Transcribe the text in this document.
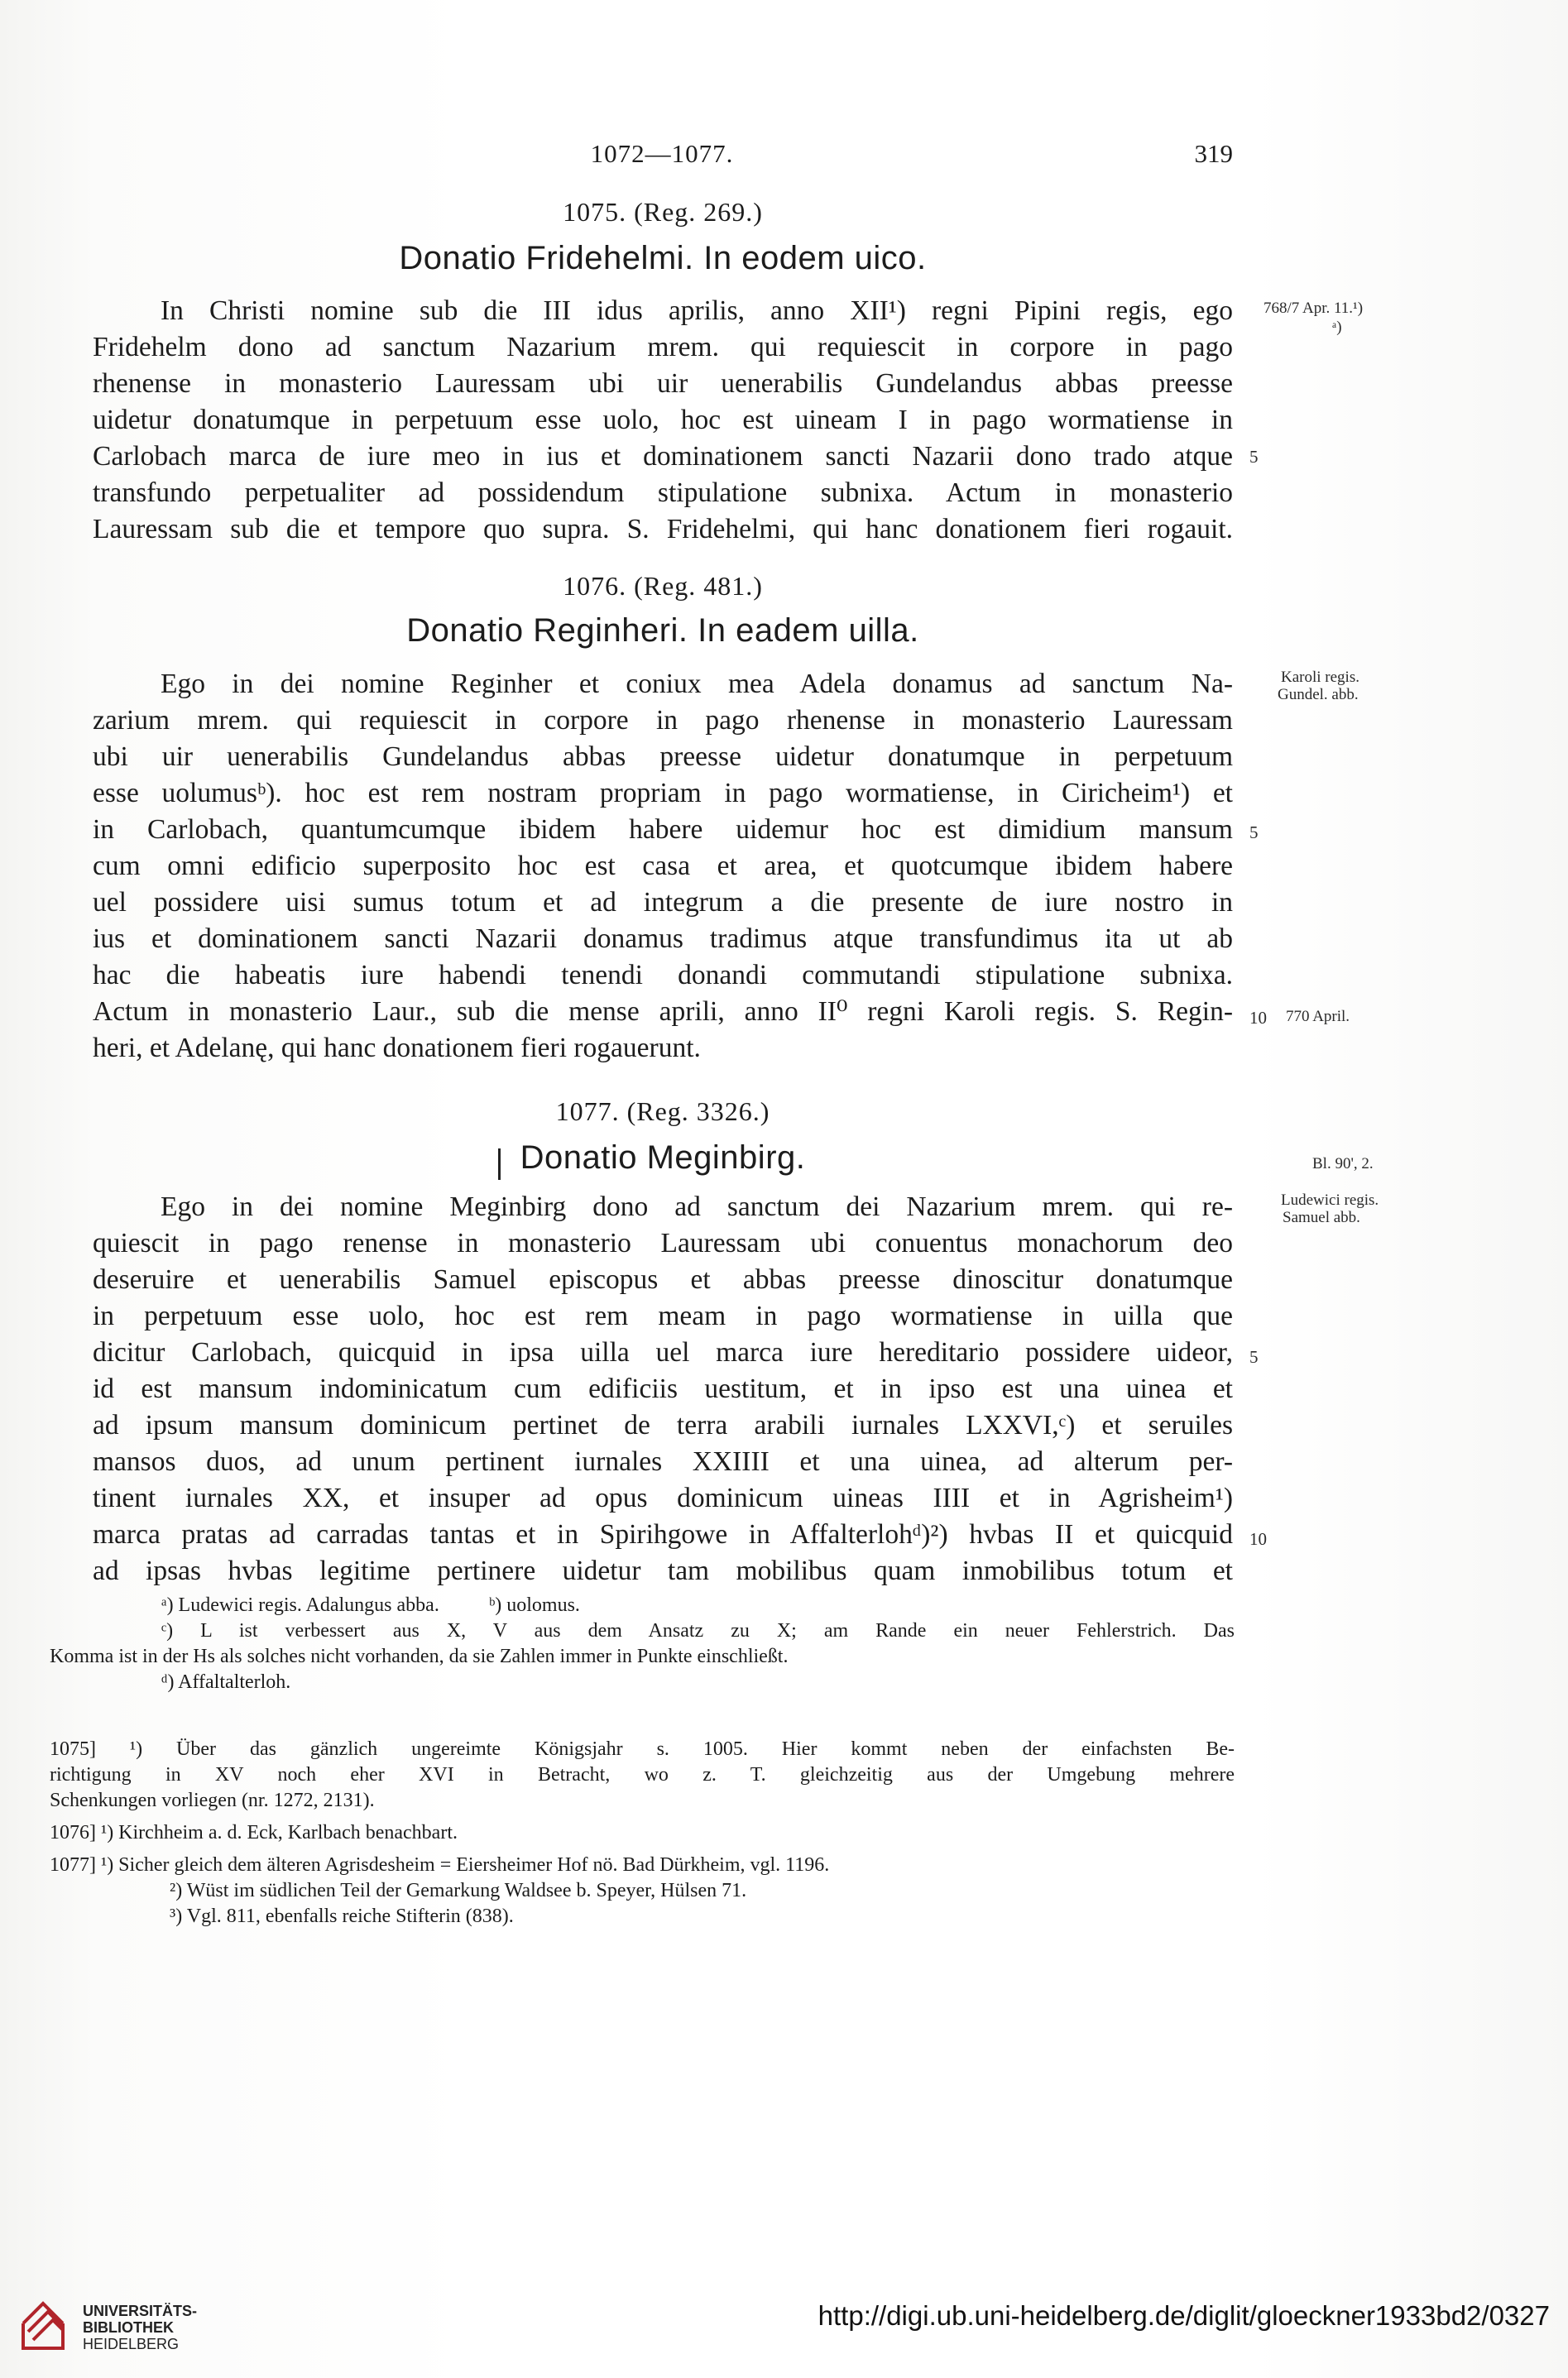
1072—1077.	319
1075. (Reg. 269.)
Donatio Fridehelmi. In eodem uico.
In Christi nomine sub die III idus aprilis, anno XII¹) regni Pipini regis, ego
Fridehelm dono ad sanctum Nazarium mrem. qui requiescit in corpore in pago
rhenense in monasterio Lauressam ubi uir uenerabilis Gundelandus abbas preesse
uidetur donatumque in perpetuum esse uolo, hoc est uineam I in pago wormatiense in
Carlobach marca de iure meo in ius et dominationem sancti Nazarii dono trado atque
transfundo perpetualiter ad possidendum stipulatione subnixa. Actum in monasterio
Lauressam sub die et tempore quo supra. S. Fridehelmi, qui hanc donationem fieri rogauit.
1076. (Reg. 481.)
Donatio Reginheri. In eadem uilla.
Ego in dei nomine Reginher et coniux mea Adela donamus ad sanctum Na-
zarium mrem. qui requiescit in corpore in pago rhenense in monasterio Lauressam
ubi uir uenerabilis Gundelandus abbas preesse uidetur donatumque in perpetuum
esse uolumusᵇ). hoc est rem nostram propriam in pago wormatiense, in Ciricheim¹) et
in Carlobach, quantumcumque ibidem habere uidemur hoc est dimidium mansum
cum omni edificio superposito hoc est casa et area, et quotcumque ibidem habere
uel possidere uisi sumus totum et ad integrum a die presente de iure nostro in
ius et dominationem sancti Nazarii donamus tradimus atque transfundimus ita ut ab
hac die habeatis iure habendi tenendi donandi commutandi stipulatione subnixa.
Actum in monasterio Laur., sub die mense aprili, anno II⁰ regni Karoli regis. S. Regin-
heri, et Adelanę, qui hanc donationem fieri rogauerunt.
1077. (Reg. 3326.)
Donatio Meginbirg.
Ego in dei nomine Meginbirg dono ad sanctum dei Nazarium mrem. qui re-
quiescit in pago renense in monasterio Lauressam ubi conuentus monachorum deo
deseruire et uenerabilis Samuel episcopus et abbas preesse dinoscitur donatumque
in perpetuum esse uolo, hoc est rem meam in pago wormatiense in uilla que
dicitur Carlobach, quicquid in ipsa uilla uel marca iure hereditario possidere uideor,
id est mansum indominicatum cum edificiis uestitum, et in ipso est una uinea et
ad ipsum mansum dominicum pertinet de terra arabili iurnales LXXVI,ᶜ) et seruiles
mansos duos, ad unum pertinent iurnales XXIIII et una uinea, ad alterum per-
tinent iurnales XX, et insuper ad opus dominicum uineas IIII et in Agrisheim¹)
marca pratas ad carradas tantas et in Spirihgowe in Affalterlohᵈ)²) hvbas II et quicquid
ad ipsas hvbas legitime pertinere uidetur tam mobilibus quam inmobilibus totum et
768/7 Apr. 11.¹)
ᵃ)
Karoli regis.
Gundel. abb.
770 April.
Bl. 90', 2.
Ludewici regis.
Samuel abb.
5
5
10
5
10
ᵃ) Ludewici regis. Adalungus abba.	ᵇ) uolomus.
ᶜ) L ist verbessert aus X, V aus dem Ansatz zu X; am Rande ein neuer Fehlerstrich. Das
Komma ist in der Hs als solches nicht vorhanden, da sie Zahlen immer in Punkte einschließt.
ᵈ) Affaltalterloh.
1075] ¹) Über das gänzlich ungereimte Königsjahr s. 1005. Hier kommt neben der einfachsten Be-
richtigung in XV noch eher XVI in Betracht, wo z. T. gleichzeitig aus der Umgebung mehrere
Schenkungen vorliegen (nr. 1272, 2131).
1076] ¹) Kirchheim a. d. Eck, Karlbach benachbart.
1077] ¹) Sicher gleich dem älteren Agrisdesheim = Eiersheimer Hof nö. Bad Dürkheim, vgl. 1196.
²) Wüst im südlichen Teil der Gemarkung Waldsee b. Speyer, Hülsen 71.
³) Vgl. 811, ebenfalls reiche Stifterin (838).
UNIVERSITÄTS-
BIBLIOTHEK
HEIDELBERG
http://digi.ub.uni-heidelberg.de/diglit/gloeckner1933bd2/0327
